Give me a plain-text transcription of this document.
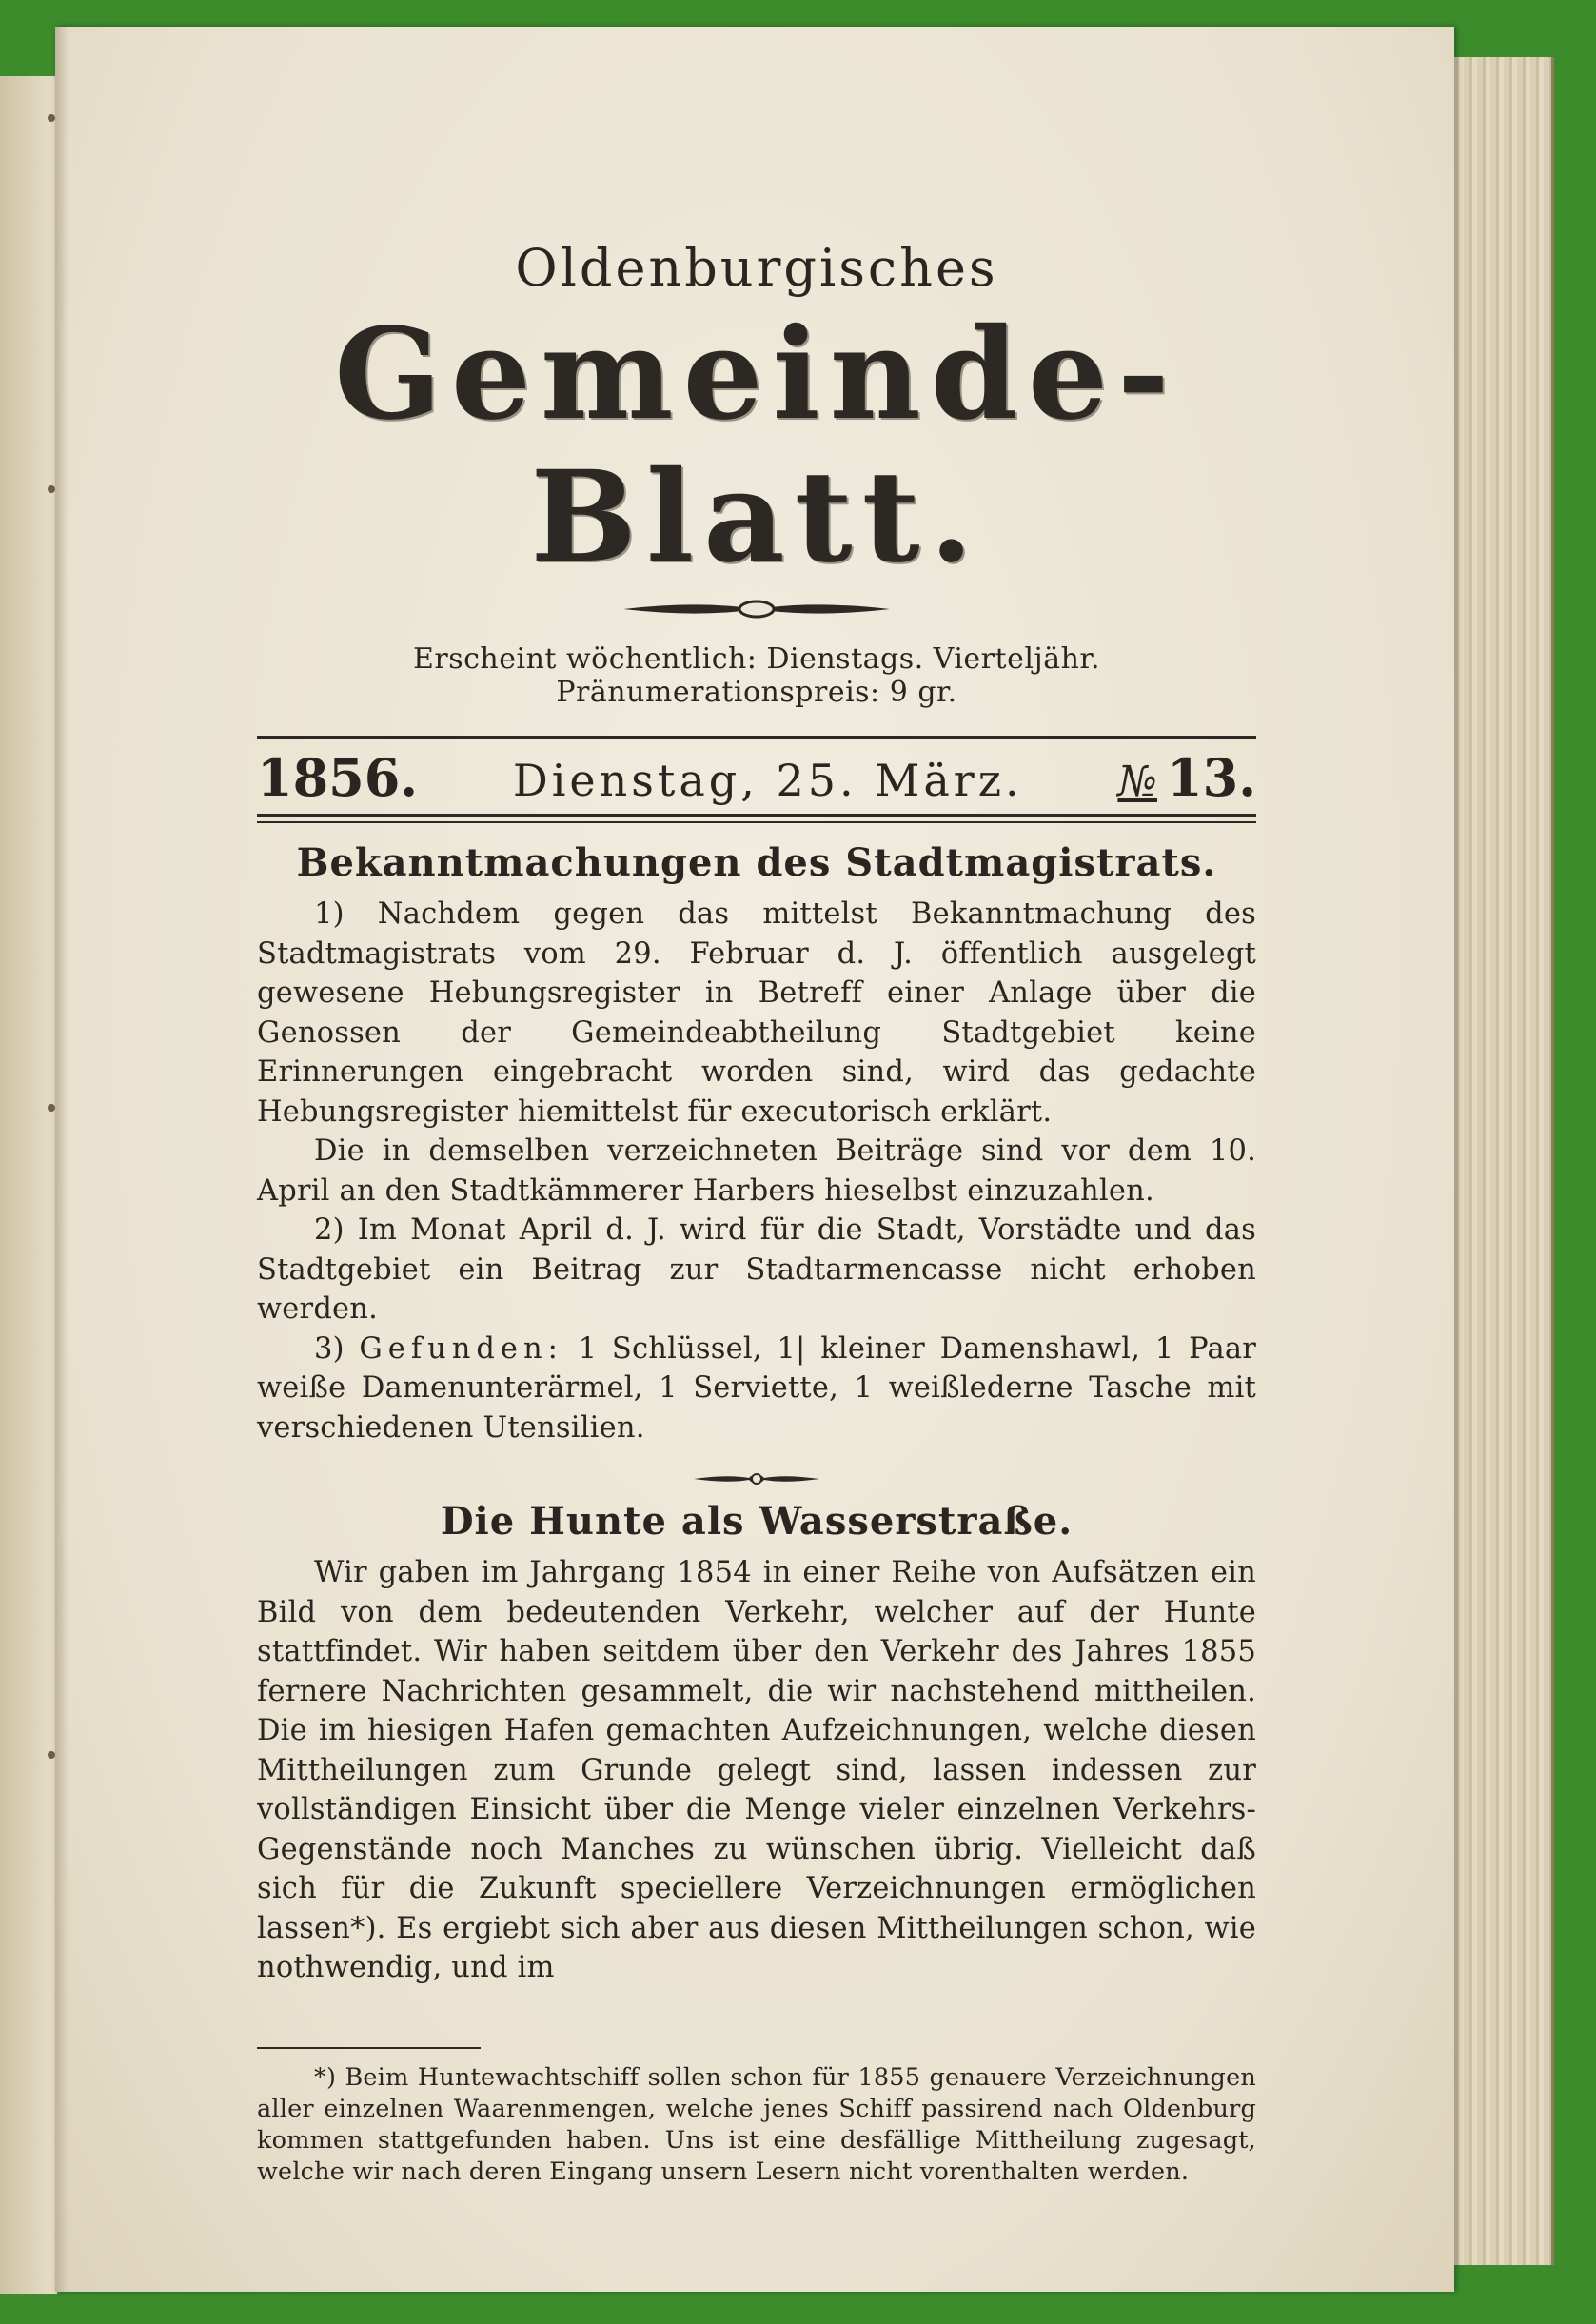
Oldenburgisches
Gemeinde-Blatt.
Erscheint wöchentlich: Dienstags. Vierteljähr. Pränumerationspreis: 9 gr.
1856. Dienstag, 25. März. № 13.
Bekanntmachungen des Stadtmagistrats.

1) Nachdem gegen das mittelst Bekanntmachung des Stadtmagistrats vom 29. Februar d. J. öffentlich ausgelegt gewesene Hebungsregister in Betreff einer Anlage über die Genossen der Gemeindeabtheilung Stadtgebiet keine Erinnerungen eingebracht worden sind, wird das gedachte Hebungsregister hiemittelst für executorisch erklärt.

Die in demselben verzeichneten Beiträge sind vor dem 10. April an den Stadtkämmerer Harbers hieselbst einzuzahlen.

2) Im Monat April d. J. wird für die Stadt, Vorstädte und das Stadtgebiet ein Beitrag zur Stadtarmencasse nicht erhoben werden.

3) Gefunden: 1 Schlüssel, 1| kleiner Damenshawl, 1 Paar weiße Damenunterärmel, 1 Serviette, 1 weißlederne Tasche mit verschiedenen Utensilien.

Die Hunte als Wasserstraße.

Wir gaben im Jahrgang 1854 in einer Reihe von Aufsätzen ein Bild von dem bedeutenden Verkehr, welcher auf der Hunte stattfindet. Wir haben seitdem über den Verkehr des Jahres 1855 fernere Nachrichten gesammelt, die wir nachstehend mittheilen. Die im hiesigen Hafen gemachten Aufzeichnungen, welche diesen Mittheilungen zum Grunde gelegt sind, lassen indessen zur vollständigen Einsicht über die Menge vieler einzelnen Verkehrs-Gegenstände noch Manches zu wünschen übrig. Vielleicht daß sich für die Zukunft speciellere Verzeichnungen ermöglichen lassen*). Es ergiebt sich aber aus diesen Mittheilungen schon, wie nothwendig, und im

*) Beim Huntewachtschiff sollen schon für 1855 genauere Verzeichnungen aller einzelnen Waarenmengen, welche jenes Schiff passirend nach Oldenburg kommen stattgefunden haben. Uns ist eine desfällige Mittheilung zugesagt, welche wir nach deren Eingang unsern Lesern nicht vorenthalten werden.
